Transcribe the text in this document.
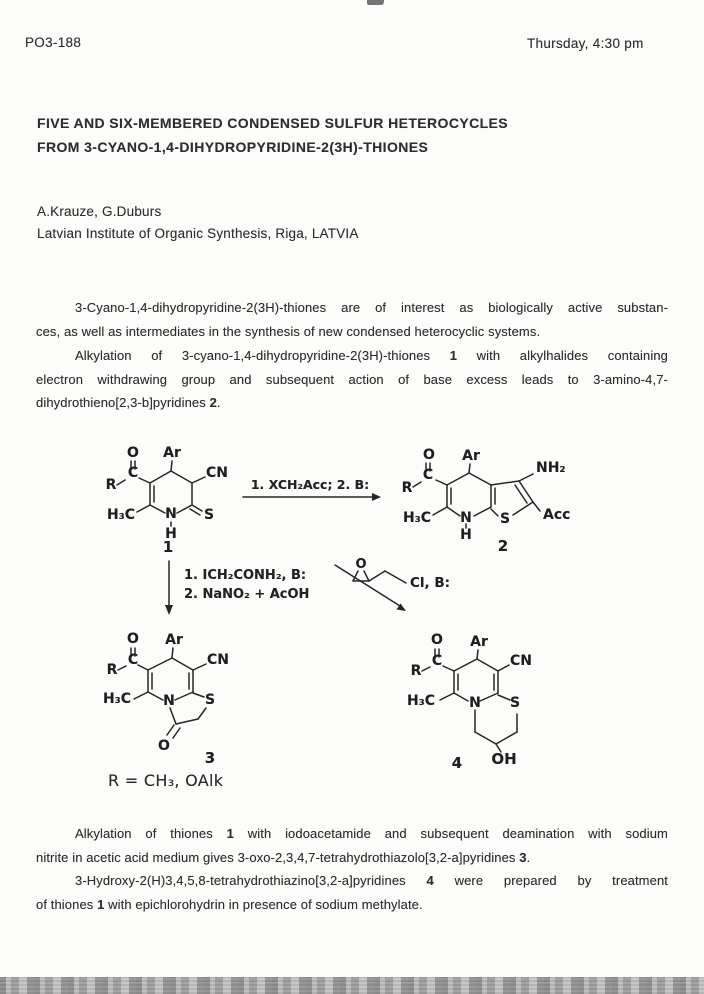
PO3-188	Thursday, 4:30 pm
FIVE AND SIX-MEMBERED CONDENSED SULFUR HETEROCYCLES
FROM 3-CYANO-1,4-DIHYDROPYRIDINE-2(3H)-THIONES
A.Krauze, G.Duburs
Latvian Institute of Organic Synthesis, Riga, LATVIA
3-Cyano-1,4-dihydropyridine-2(3H)-thiones are of interest as biologically active substan-
ces, as well as intermediates in the synthesis of new condensed heterocyclic systems.
Alkylation of 3-cyano-1,4-dihydropyridine-2(3H)-thiones 1 with alkylhalides containing
electron withdrawing group and subsequent action of base excess leads to 3-amino-4,7-
dihydrothieno[2,3-b]pyridines 2.
O
C
R
Ar
CN
H₃C N
H
S
1
1. XCH₂Acc; 2. B:
O
C
R
Ar
NH₂
Acc
H₃C N
H
S
2
1. ICH₂CONH₂, B:
2. NaNO₂ + AcOH
O
Cl, B:
O
C
R
Ar
CN
H₃C N S
O
3
O
C
R
Ar
CN
H₃C N S
OH
4
R = CH₃, OAlk
Alkylation of thiones 1 with iodoacetamide and subsequent deamination with sodium
nitrite in acetic acid medium gives 3-oxo-2,3,4,7-tetrahydrothiazolo[3,2-a]pyridines 3.
3-Hydroxy-2(H)3,4,5,8-tetrahydrothiazino[3,2-a]pyridines 4 were prepared by treatment
of thiones 1 with epichlorohydrin in presence of sodium methylate.
